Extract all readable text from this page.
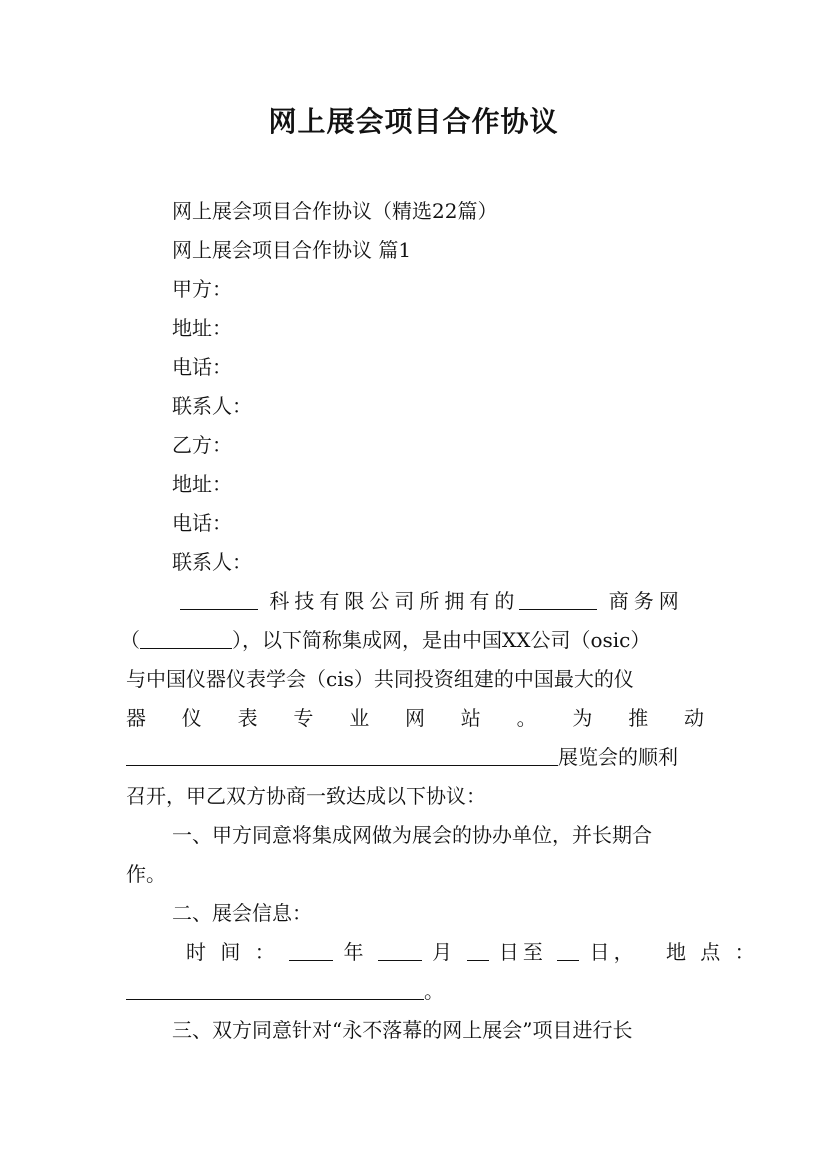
网上展会项目合作协议
网上展会项目合作协议（精选22篇）
网上展会项目合作协议 篇1
甲方：
地址：
电话：
联系人：
乙方：
地址：
电话：
联系人：
科技有限公司所拥有的	商务网
（	），以下简称集成网，是由中国XX公司（osic）
与中国仪器仪表学会（cis）共同投资组建的中国最大的仪
器 仪 表 专 业 网 站 。 为 推 动
展览会的顺利
召开，甲乙双方协商一致达成以下协议：
一、甲方同意将集成网做为展会的协办单位，并长期合
作。
二、展会信息：
时 间 ：	年	月 日至 日， 地 点 ：
。
三、双方同意针对“永不落幕的网上展会”项目进行长
